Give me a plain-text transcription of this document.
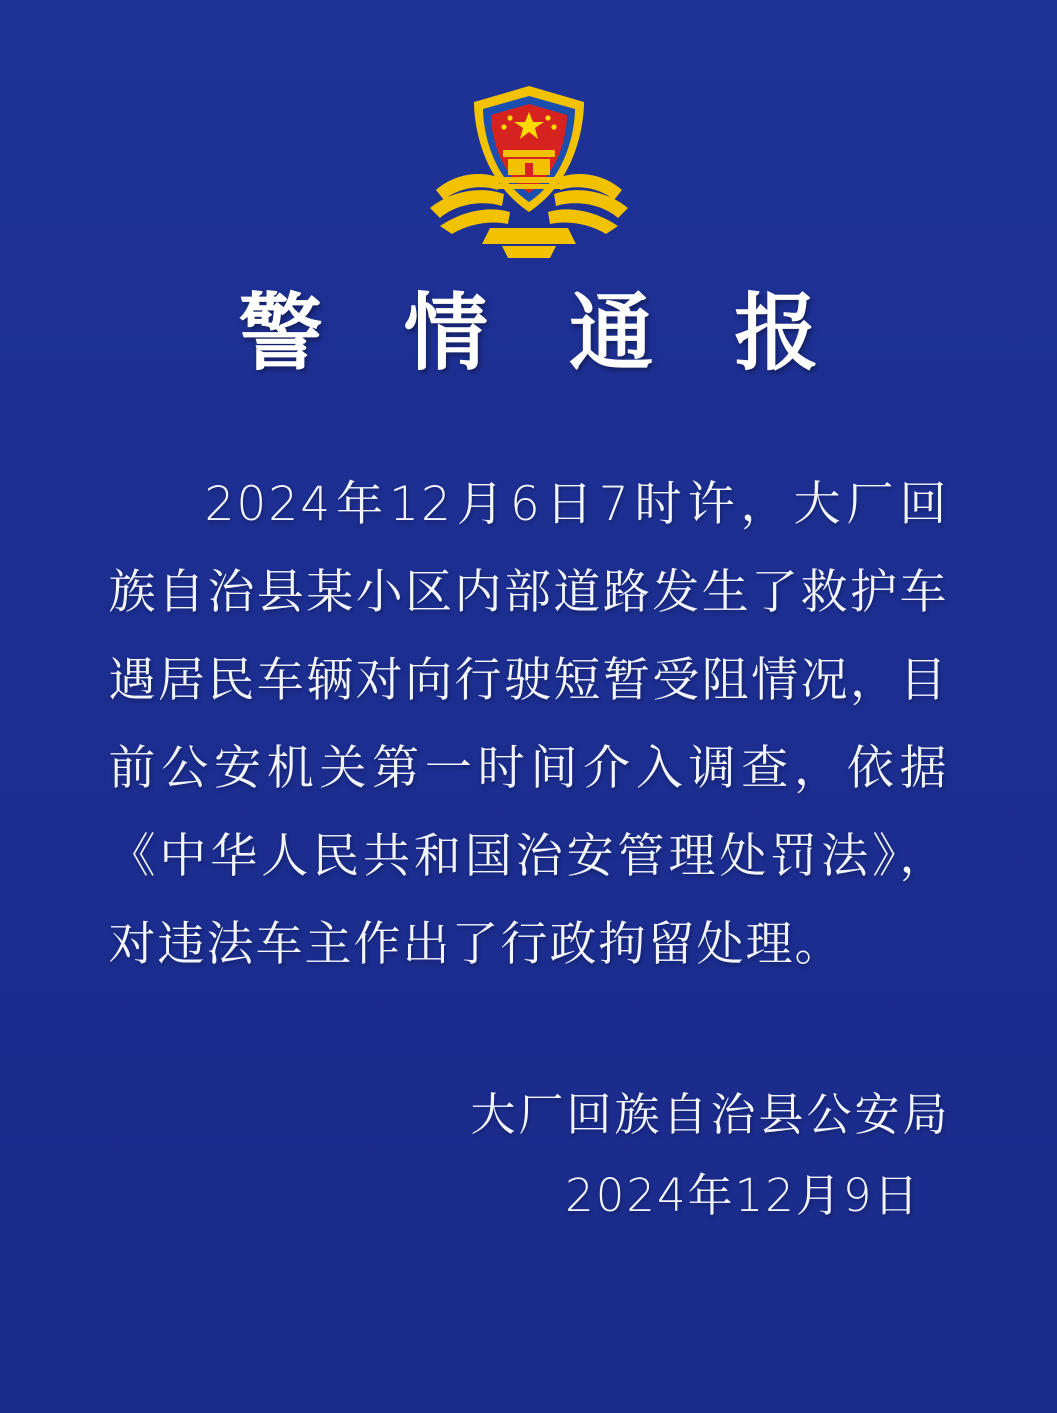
警 情 通 报
2024年12月6日7时许，大厂回族自治县某小区内部道路发生了救护车遇居民车辆对向行驶短暂受阻情况，目前公安机关第一时间介入调查，依据《中华人民共和国治安管理处罚法》，对违法车主作出了行政拘留处理。
大厂回族自治县公安局
2024年12月9日
